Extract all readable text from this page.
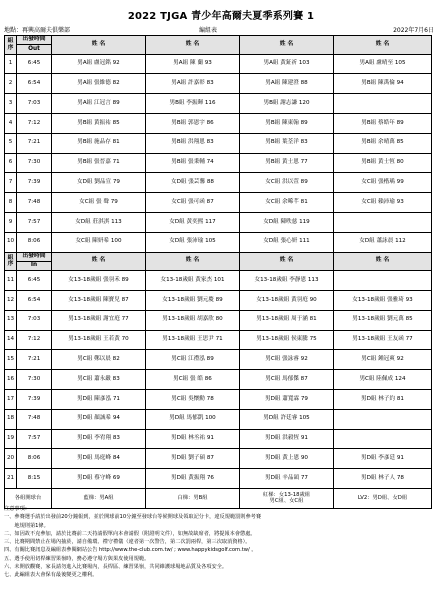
2022 TJGA 青少年高爾夫夏季系列賽 1
地點：再興高爾夫俱樂部	編組表	2022年7月6日
組
序	出發時間	姓 名	姓 名	姓 名	姓 名
	Out				
1	6:45	男A組 盧冠銘 92	男A組 陳 蘭 93	男A組 黃鉦祈 103	男A組 盧晴至 105
2	6:54	男A組 張維德 82	男A組 許嘉彰 83	男A組 陳建澄 88	男B組 陳禹倫 94
3	7:03	男A組 江冠言 89	男B組 李振暉 116	男B組 謝志謙 120	
4	7:12	男B組 黃振祐 85	男B組 郭恩宇 86	男B組 陳東翰 89	男B組 蔡皓年 89
5	7:21	男B組 施品存 81	男B組 洪翔恩 83	男B組 葉荃洋 83	男B組 余晴萬 85
6	7:30	男B組 張晉嘉 71	男B組 張秉輔 74	男B組 黃士恩 77	男B組 黃士恆 80
7	7:39	女D組 劉品宣 79	女D組 張芸馨 88	女C組 洪以萱 89	女C組 張楷瑀 99
8	7:48	女C組 張 聲 79	女C組 張可函 87	女C組 余晞芊 81	女C組 賴沛瑜 93
9	7:57	女D組 莊淇淇 113	女D組 黃奕熙 117	女D組 陳昳慈 119	
10	8:06	女C組 陳妍希 100	女D組 張沛瑜 105	女D組 張心妍 111	女D組 蕭詠晨 112
組
序	出發時間	姓 名	姓 名	姓 名	姓 名
	In				
11	6:45	女13-18歲組 張羽禾 89	女13-18歲組 黃家杰 101	女13-18歲組 李靜恩 113	
12	6:54	女13-18歲組 陳寶兒 87	女13-18歲組 劉元慶 89	女13-18歲組 黃羽庭 90	女13-18歲組 張雅琦 93
13	7:03	男13-18歲組 謝宜庭 77	男13-18歲組 胡嘉欣 80	男13-18歲組 周于涵 81	男13-18歲組 劉元萬 85
14	7:12	男13-18歲組 王若黃 70	男13-18歲組 王思尹 71	男13-18歲組 侯東騰 75	男13-18歲組 王友函 77
15	7:21	男C組 鄭以晨 82	男C組 江禮泓 89	男C組 張詠睿 92	男C組 鍾冠爽 92
16	7:30	男C組 蕭永嚴 83	男C組 張 皓 86	男C組 馬郁傑 87	男C組 陸佩成 124
17	7:39	男D組 陳彥泓 71	男C組 吳懷勳 78	男D組 蕭寬霖 79	男D組 林子約 81
18	7:48	男D組 顏誠希 94	男D組 馬郁凱 100	男D組 許廷睿 105	
19	7:57	男D組 李宥翔 83	男D組 林丞祐 91	男D組 洪毅恆 91	
20	8:06	男D組 馬庭峰 84	男D組 劉子碩 87	男D組 黃上恩 90	男D組 李彥廷 91
21	8:15	男D組 蔡守峰 69	男D組 黃振翔 76	男D組 辛品頡 77	男D組 林子人 78
各組開球台		藍梯：男A組	白梯：男B組	紅梯：女13-18歲組
男C組、女C組	LV2：男D組、女D組
注意事項：
一、參賽選手請於出發前20分鐘報到，並於開球前10分鐘至發球台等候開球及領取記分卡，違反規範罰則參考賽
　　地規則第1條。
二、如因故不克參加，請於比賽前二天持請假單向本會請假（附證明文件），如無故缺席者，將提報本會懲處。
三、比賽期間禁止在場內抽菸，請自備環、禮守禮儀（違者第一次警告，第二次罰兩桿，第三次取消資格）。
四、有關比賽訊息及編組表參閱網站公告 http://www.the-club.com.tw/ ; www.happykidsgolf.com.tw/ 。
五、選手使用切桿練習果嶺時，務必遵守場方與果皮使用規範。
六、未開放觀賽，家長請勿進入比賽場內，長桿區、練習果嶺，共同維護球場地品質及各項安全。
七、此編組表大會保有最後變更之權利。
